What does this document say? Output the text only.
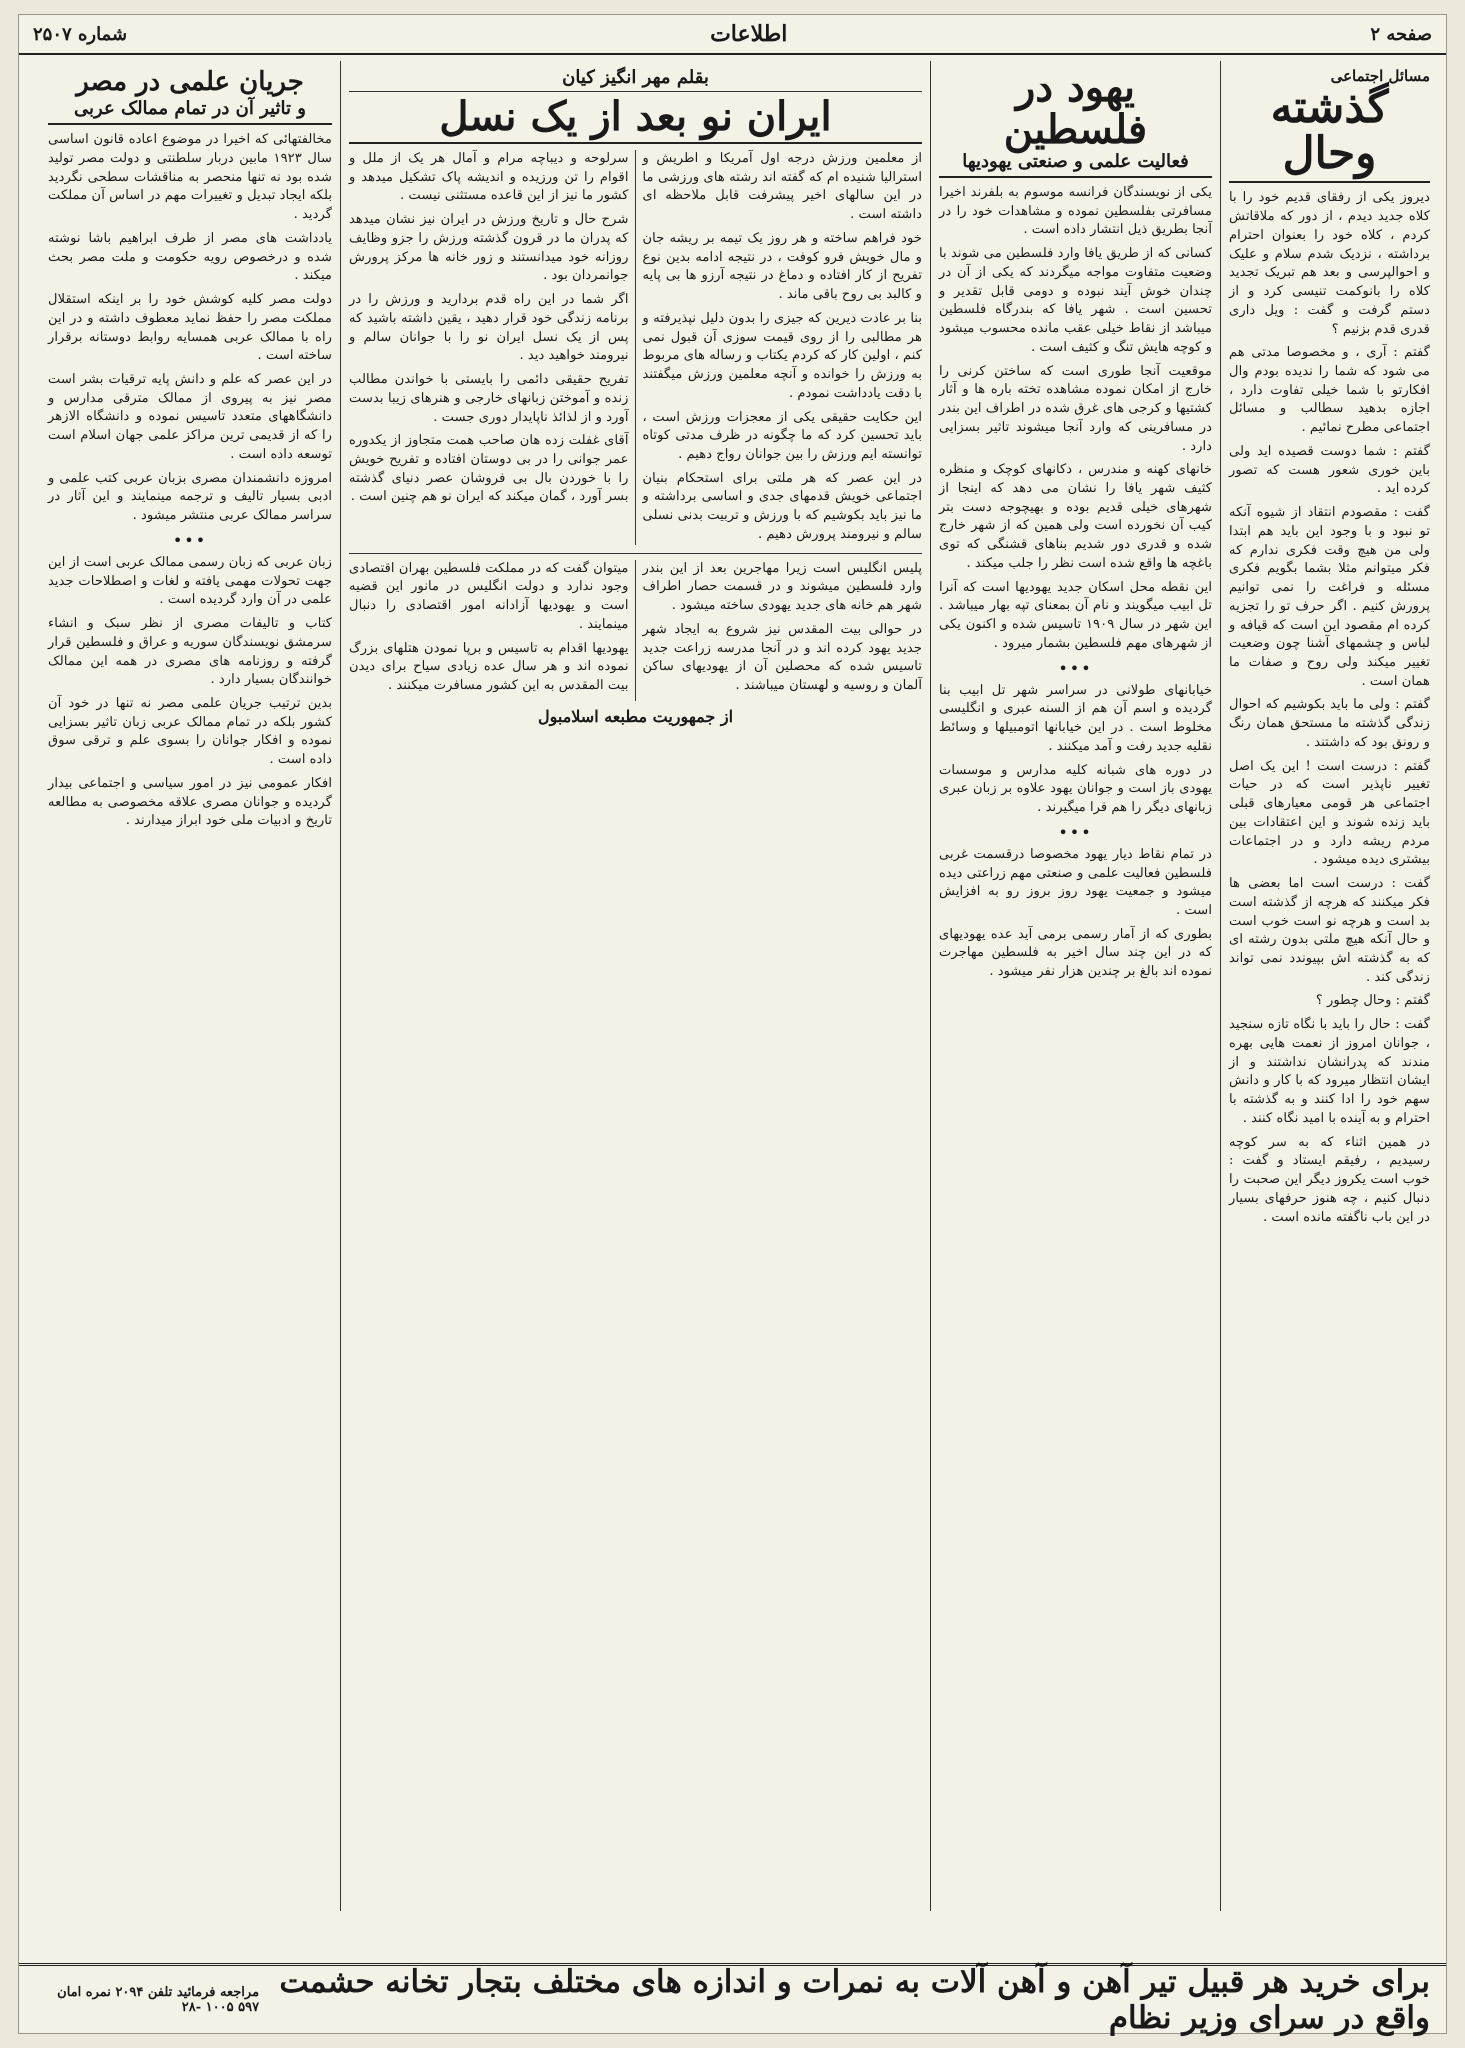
صفحه ۲
اطلاعات
شماره ۲۵۰۷
مسائل اجتماعی
گذشته وحال

دیروز یکی از رفقای قدیم خود را با کلاه جدید دیدم ، از دور که ملاقاتش کردم ، کلاه خود را بعنوان احترام برداشته ، نزدیک شدم سلام و علیک و احوالپرسی و بعد هم تبریک تجدید کلاه را بانوکمت تنیسی کرد و از دستم گرفت و گفت : ویل داری قدری قدم بزنیم ؟

گفتم : آری ، و مخصوصا مدتی هم می شود که شما را ندیده بودم وال افکارتو با شما خیلی تفاوت دارد ، اجازه بدهید سطالب و مسائل اجتماعی مطرح نمائیم .

گفتم : شما دوست قصیده اید ولی باین خوری شعور هست که تصور کرده اید .

گفت : مقصودم انتقاد از شیوه آنکه تو نبود و با وجود این باید هم ابتدا ولی من هیچ وقت فکری ندارم که فکر میتوانم مثلا بشما بگویم فکری مسئله و فراغت را نمی توانیم پرورش کنیم . اگر حرف تو را تجزیه کرده ام مقصود این است که قیافه و لباس و چشمهای آشنا چون وضعیت تغییر میکند ولی روح و صفات ما همان است .

گفتم : ولی ما باید بکوشیم که احوال زندگی گذشته ما مستحق همان رنگ و رونق بود که داشتند .

گفتم : درست است ! این یک اصل تغییر ناپذیر است که در حیات اجتماعی هر قومی معیارهای قبلی باید زنده شوند و این اعتقادات بین مردم ریشه دارد و در اجتماعات بیشتری دیده میشود .

گفت : درست است اما بعضی ها فکر میکنند که هرچه از گذشته است بد است و هرچه نو است خوب است و حال آنکه هیچ ملتی بدون رشته ای که به گذشته اش بپیوندد نمی تواند زندگی کند .

گفتم : وحال چطور ؟

گفت : حال را باید با نگاه تازه سنجید ، جوانان امروز از نعمت هایی بهره مندند که پدرانشان نداشتند و از ایشان انتظار میرود که با کار و دانش سهم خود را ادا کنند و به گذشته با احترام و به آینده با امید نگاه کنند .

در همین اثناء که به سر کوچه رسیدیم ، رفیقم ایستاد و گفت : خوب است یکروز دیگر این صحبت را دنبال کنیم ، چه هنوز حرفهای بسیار در این باب ناگفته مانده است .

یهود در فلسطین
فعالیت علمی و صنعتی یهودیها

یکی از نویسندگان فرانسه موسوم به بلفرند اخیرا مسافرتی بفلسطین نموده و مشاهدات خود را در آنجا بطریق ذیل انتشار داده است .

کسانی که از طریق یافا وارد فلسطین می شوند با وضعیت متفاوت مواجه میگردند که یکی از آن در چندان خوش آیند نبوده و دومی قابل تقدیر و تحسین است . شهر یافا که بندرگاه فلسطین میباشد از نقاط خیلی عقب مانده محسوب میشود و کوچه هایش تنگ و کثیف است .

موقعیت آنجا طوری است که ساختن کرنی را خارج از امکان نموده مشاهده تخته باره ها و آثار کشتیها و کرجی های غرق شده در اطراف این بندر در مسافرینی که وارد آنجا میشوند تاثیر بسزایی دارد .

خانهای کهنه و مندرس ، دکانهای کوچک و منظره کثیف شهر یافا را نشان می دهد که اینجا از شهرهای خیلی قدیم بوده و بهیچوجه دست بتر کیب آن نخورده است ولی همین که از شهر خارج شده و قدری دور شدیم بناهای قشنگی که توی باغچه ها واقع شده است نظر را جلب میکند .

این نقطه محل اسکان جدید یهودیها است که آنرا تل ابیب میگویند و نام آن بمعنای تپه بهار میباشد . این شهر در سال ۱۹۰۹ تاسیس شده و اکنون یکی از شهرهای مهم فلسطین بشمار میرود .

•••

خیابانهای طولانی در سراسر شهر تل ابیب بنا گردیده و اسم آن هم از السنه عبری و انگلیسی مخلوط است . در این خیابانها اتومبیلها و وسائط نقلیه جدید رفت و آمد میکنند .

در دوره های شبانه کلیه مدارس و موسسات یهودی باز است و جوانان یهود علاوه بر زبان عبری زبانهای دیگر را هم فرا میگیرند .

•••

در تمام نقاط دیار یهود مخصوصا درقسمت غربی فلسطین فعالیت علمی و صنعتی مهم زراعتی دیده میشود و جمعیت یهود روز بروز رو به افزایش است .

بطوری که از آمار رسمی برمی آید عده یهودیهای که در این چند سال اخیر به فلسطین مهاجرت نموده اند بالغ بر چندین هزار نفر میشود .

بقلم مهر انگیز کیان
ایران نو بعد از یک نسل

از معلمین ورزش درجه اول آمریکا و اطریش و استرالیا شنیده ام که گفته اند رشته های ورزشی ما در این سالهای اخیر پیشرفت قابل ملاحظه ای داشته است .

خود فراهم ساخته و هر روز یک تیمه بر ریشه جان و مال خویش فرو کوفت ، در نتیجه ادامه بدین نوع تفریح از کار افتاده و دماغ در نتیجه آرزو ها بی پایه و کالبد بی روح باقی ماند .

بنا بر عادت دیرین که جیزی را بدون دلیل نپذیرفته و هر مطالبی را از روی قیمت سوزی آن قبول نمی کنم ، اولین کار که کردم یکتاب و رساله های مربوط به ورزش را خوانده و آنچه معلمین ورزش میگفتند با دقت یادداشت نمودم .

این حکایت حقیقی یکی از معجزات ورزش است ، باید تحسین کرد که ما چگونه در ظرف مدتی کوتاه توانسته ایم ورزش را بین جوانان رواج دهیم .

در این عصر که هر ملتی برای استحکام بنیان اجتماعی خویش قدمهای جدی و اساسی برداشته و ما نیز باید بکوشیم که با ورزش و تربیت بدنی نسلی سالم و نیرومند پرورش دهیم .

سرلوحه و دیباچه مرام و آمال هر یک از ملل و اقوام را تن ورزیده و اندیشه پاک تشکیل میدهد و کشور ما نیز از این قاعده مستثنی نیست .

شرح حال و تاریخ ورزش در ایران نیز نشان میدهد که پدران ما در قرون گذشته ورزش را جزو وظایف روزانه خود میدانستند و زور خانه ها مرکز پرورش جوانمردان بود .

اگر شما در این راه قدم بردارید و ورزش را در برنامه زندگی خود قرار دهید ، یقین داشته باشید که پس از یک نسل ایران نو را با جوانان سالم و نیرومند خواهید دید .

تفریح حقیقی دائمی را بایستی با خواندن مطالب زنده و آموختن زبانهای خارجی و هنرهای زیبا بدست آورد و از لذائذ ناپایدار دوری جست .

آقای غفلت زده هان صاحب همت متجاوز از یکدوره عمر جوانی را در بی دوستان افتاده و تفریح خویش را با خوردن بال بی فروشان عصر دنیای گذشته بسر آورد ، گمان میکند که ایران نو هم چنین است .

پلیس انگلیس است زیرا مهاجرین بعد از این بندر وارد فلسطین میشوند و در قسمت حصار اطراف شهر هم خانه های جدید یهودی ساخته میشود .

در حوالی بیت المقدس نیز شروع به ایجاد شهر جدید یهود کرده اند و در آنجا مدرسه زراعت جدید تاسیس شده که محصلین آن از یهودیهای ساکن آلمان و روسیه و لهستان میباشند .

میتوان گفت که در مملکت فلسطین بهران اقتصادی وجود ندارد و دولت انگلیس در مانور این قضیه است و یهودیها آزادانه امور اقتصادی را دنبال مینمایند .

یهودیها اقدام به تاسیس و برپا نمودن هتلهای بزرگ نموده اند و هر سال عده زیادی سیاح برای دیدن بیت المقدس به این کشور مسافرت میکنند .

از جمهوریت مطبعه اسلامبول
جریان علمی در مصر
و تاثیر آن در تمام ممالک عربی

مخالفتهائی که اخیرا در موضوع اعاده قانون اساسی سال ۱۹۲۳ مابین دربار سلطنتی و دولت مصر تولید شده بود نه تنها منحصر به مناقشات سطحی نگردید بلکه ایجاد تبدیل و تغییرات مهم در اساس آن مملکت گردید .

یادداشت های مصر از طرف ابراهیم باشا نوشته شده و درخصوص رویه حکومت و ملت مصر بحث میکند .

دولت مصر کلیه کوشش خود را بر اینکه استقلال مملکت مصر را حفظ نماید معطوف داشته و در این راه با ممالک عربی همسایه روابط دوستانه برقرار ساخته است .

در این عصر که علم و دانش پایه ترقیات بشر است مصر نیز به پیروی از ممالک مترقی مدارس و دانشگاههای متعدد تاسیس نموده و دانشگاه الازهر را که از قدیمی ترین مراکز علمی جهان اسلام است توسعه داده است .

امروزه دانشمندان مصری بزبان عربی کتب علمی و ادبی بسیار تالیف و ترجمه مینمایند و این آثار در سراسر ممالک عربی منتشر میشود .

•••

زبان عربی که زبان رسمی ممالک عربی است از این جهت تحولات مهمی یافته و لغات و اصطلاحات جدید علمی در آن وارد گردیده است .

کتاب و تالیفات مصری از نظر سبک و انشاء سرمشق نویسندگان سوریه و عراق و فلسطین قرار گرفته و روزنامه های مصری در همه این ممالک خوانندگان بسیار دارد .

بدین ترتیب جریان علمی مصر نه تنها در خود آن کشور بلکه در تمام ممالک عربی زبان تاثیر بسزایی نموده و افکار جوانان را بسوی علم و ترقی سوق داده است .

افکار عمومی نیز در امور سیاسی و اجتماعی بیدار گردیده و جوانان مصری علاقه مخصوصی به مطالعه تاریخ و ادبیات ملی خود ابراز میدارند .

برای خرید هر قبیل تیر آهن و آهن آلات به نمرات و اندازه های مختلف بتجار تخانه حشمت واقع در سرای وزیر نظام
مراجعه فرمائید تلفن ۲۰۹۴ نمره امان ۵۹۷ ۱۰۰۵ -۲۸
